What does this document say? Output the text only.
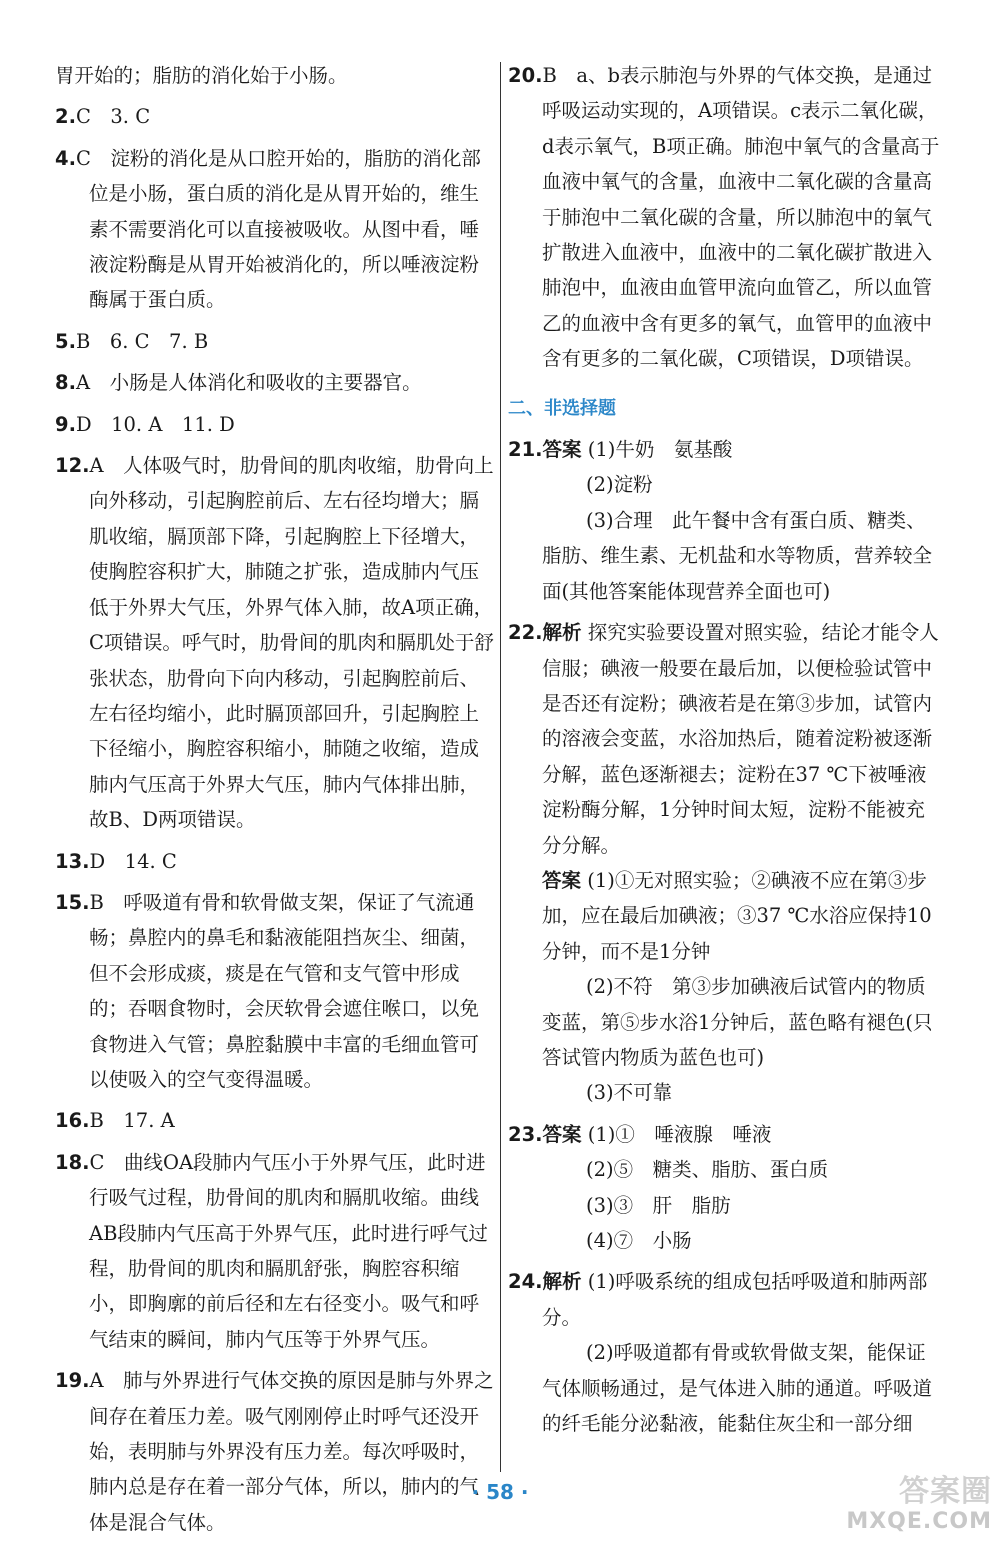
胃开始的；脂肪的消化始于小肠。
2.C　3. C
4.C　淀粉的消化是从口腔开始的，脂肪的消化部位是小肠，蛋白质的消化是从胃开始的，维生素不需要消化可以直接被吸收。从图中看，唾液淀粉酶是从胃开始被消化的，所以唾液淀粉酶属于蛋白质。
5.B　6. C　7. B
8.A　小肠是人体消化和吸收的主要器官。
9.D　10. A　11. D
12.A　人体吸气时，肋骨间的肌肉收缩，肋骨向上向外移动，引起胸腔前后、左右径均增大；膈肌收缩，膈顶部下降，引起胸腔上下径增大，使胸腔容积扩大，肺随之扩张，造成肺内气压低于外界大气压，外界气体入肺，故A项正确，C项错误。呼气时，肋骨间的肌肉和膈肌处于舒张状态，肋骨向下向内移动，引起胸腔前后、左右径均缩小，此时膈顶部回升，引起胸腔上下径缩小，胸腔容积缩小，肺随之收缩，造成肺内气压高于外界大气压，肺内气体排出肺，故B、D两项错误。
13.D　14. C
15.B　呼吸道有骨和软骨做支架，保证了气流通畅；鼻腔内的鼻毛和黏液能阻挡灰尘、细菌，但不会形成痰，痰是在气管和支气管中形成的；吞咽食物时，会厌软骨会遮住喉口，以免食物进入气管；鼻腔黏膜中丰富的毛细血管可以使吸入的空气变得温暖。
16.B　17. A
18.C　曲线OA段肺内气压小于外界气压，此时进行吸气过程，肋骨间的肌肉和膈肌收缩。曲线AB段肺内气压高于外界气压，此时进行呼气过程，肋骨间的肌肉和膈肌舒张，胸腔容积缩小，即胸廓的前后径和左右径变小。吸气和呼气结束的瞬间，肺内气压等于外界气压。
19.A　肺与外界进行气体交换的原因是肺与外界之间存在着压力差。吸气刚刚停止时呼气还没开始，表明肺与外界没有压力差。每次呼吸时，肺内总是存在着一部分气体，所以，肺内的气体是混合气体。
20.B　a、b表示肺泡与外界的气体交换，是通过呼吸运动实现的，A项错误。c表示二氧化碳，d表示氧气，B项正确。肺泡中氧气的含量高于血液中氧气的含量，血液中二氧化碳的含量高于肺泡中二氧化碳的含量，所以肺泡中的氧气扩散进入血液中，血液中的二氧化碳扩散进入肺泡中，血液由血管甲流向血管乙，所以血管乙的血液中含有更多的氧气，血管甲的血液中含有更多的二氧化碳，C项错误，D项错误。
二、非选择题
21.答案 (1)牛奶　氨基酸
(2)淀粉
(3)合理　此午餐中含有蛋白质、糖类、脂肪、维生素、无机盐和水等物质，营养较全面(其他答案能体现营养全面也可)
22.解析 探究实验要设置对照实验，结论才能令人信服；碘液一般要在最后加，以便检验试管中是否还有淀粉；碘液若是在第③步加，试管内的溶液会变蓝，水浴加热后，随着淀粉被逐渐分解，蓝色逐渐褪去；淀粉在37 ℃下被唾液淀粉酶分解，1分钟时间太短，淀粉不能被充分分解。
答案 (1)①无对照实验；②碘液不应在第③步加，应在最后加碘液；③37 ℃水浴应保持10分钟，而不是1分钟
(2)不符　第③步加碘液后试管内的物质变蓝，第⑤步水浴1分钟后，蓝色略有褪色(只答试管内物质为蓝色也可)
(3)不可靠
23.答案 (1)①　唾液腺　唾液
(2)⑤　糖类、脂肪、蛋白质
(3)③　肝　脂肪
(4)⑦　小肠
24.解析 (1)呼吸系统的组成包括呼吸道和肺两部分。
(2)呼吸道都有骨或软骨做支架，能保证气体顺畅通过，是气体进入肺的通道。呼吸道的纤毛能分泌黏液，能黏住灰尘和一部分细
· 58 ·	答案圈
MXQE.COM
